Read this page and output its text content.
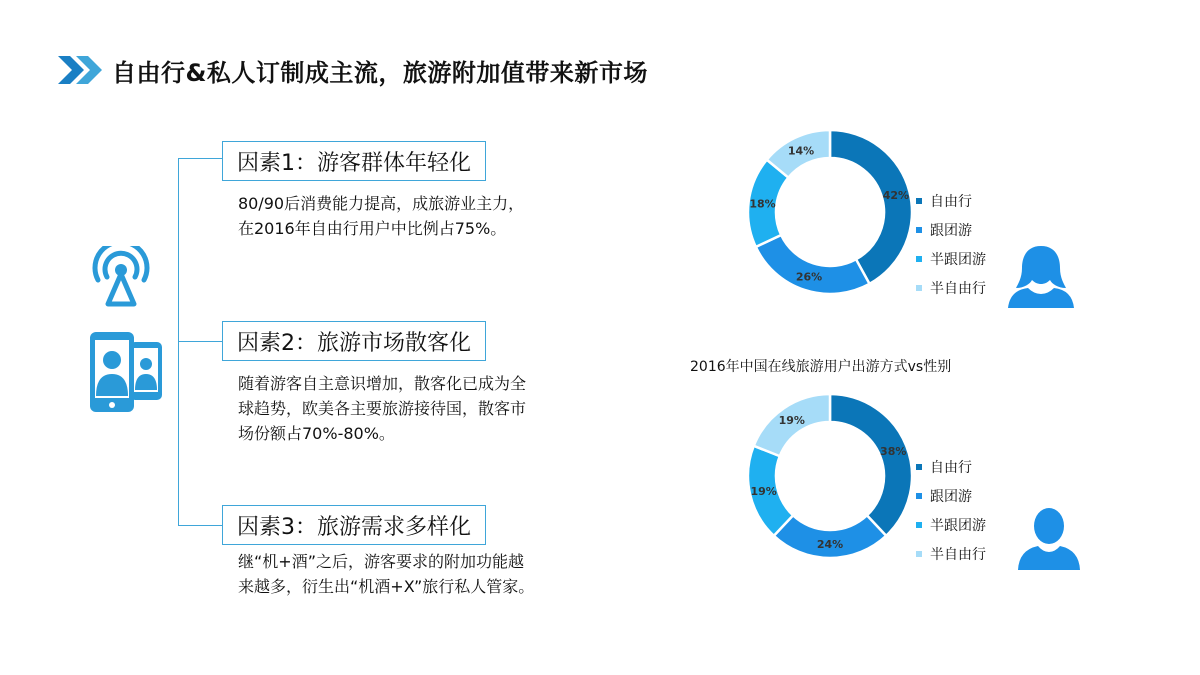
自由行&私人订制成主流，旅游附加值带来新市场
因素1：游客群体年轻化
80/90后消费能力提高，成旅游业主力，
在2016年自由行用户中比例占75%。
因素2：旅游市场散客化
随着游客自主意识增加，散客化已成为全
球趋势，欧美各主要旅游接待国，散客市
场份额占70%-80%。
因素3：旅游需求多样化
继“机+酒”之后，游客要求的附加功能越
来越多，衍生出“机酒+X”旅行私人管家。
42%
26%
18%
14%
自由行
跟团游
半跟团游
半自由行
2016年中国在线旅游用户出游方式vs性别
38%
24%
19%
19%
自由行
跟团游
半跟团游
半自由行
